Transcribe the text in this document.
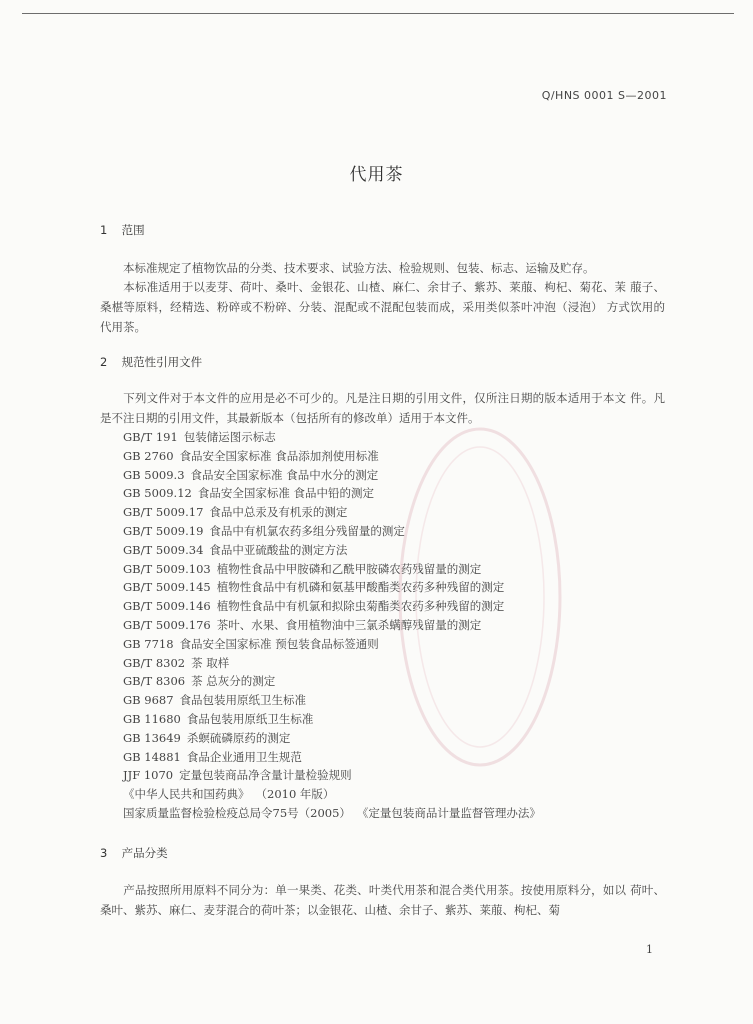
Q/HNS 0001 S—2001
代用茶
1 范围
本标准规定了植物饮品的分类、技术要求、试验方法、检验规则、包装、标志、运输及贮存。
本标准适用于以麦芽、荷叶、桑叶、金银花、山楂、麻仁、余甘子、紫苏、莱菔、枸杞、菊花、茉 菔子、桑椹等原料，经精选、粉碎或不粉碎、分装、混配或不混配包装而成，采用类似茶叶冲泡（浸泡） 方式饮用的代用茶。
2 规范性引用文件
下列文件对于本文件的应用是必不可少的。凡是注日期的引用文件，仅所注日期的版本适用于本文 件。凡是不注日期的引用文件，其最新版本（包括所有的修改单）适用于本文件。
GB/T 191 包装储运图示标志
GB 2760 食品安全国家标准 食品添加剂使用标准
GB 5009.3 食品安全国家标准 食品中水分的测定
GB 5009.12 食品安全国家标准 食品中铅的测定
GB/T 5009.17 食品中总汞及有机汞的测定
GB/T 5009.19 食品中有机氯农药多组分残留量的测定
GB/T 5009.34 食品中亚硫酸盐的测定方法
GB/T 5009.103 植物性食品中甲胺磷和乙酰甲胺磷农药残留量的测定
GB/T 5009.145 植物性食品中有机磷和氨基甲酸酯类农药多种残留的测定
GB/T 5009.146 植物性食品中有机氯和拟除虫菊酯类农药多种残留的测定
GB/T 5009.176 茶叶、水果、食用植物油中三氯杀螨醇残留量的测定
GB 7718 食品安全国家标准 预包装食品标签通则
GB/T 8302 茶 取样
GB/T 8306 茶 总灰分的测定
GB 9687 食品包装用原纸卫生标准
GB 11680 食品包装用原纸卫生标准
GB 13649 杀螟硫磷原药的测定
GB 14881 食品企业通用卫生规范
JJF 1070 定量包装商品净含量计量检验规则
《中华人民共和国药典》 （2010 年版）
国家质量监督检验检疫总局令75号（2005） 《定量包装商品计量监督管理办法》
3 产品分类
产品按照所用原料不同分为：单一果类、花类、叶类代用茶和混合类代用茶。按使用原料分，如以 荷叶、桑叶、紫苏、麻仁、麦芽混合的荷叶茶；以金银花、山楂、余甘子、紫苏、莱菔、枸杞、菊
1
